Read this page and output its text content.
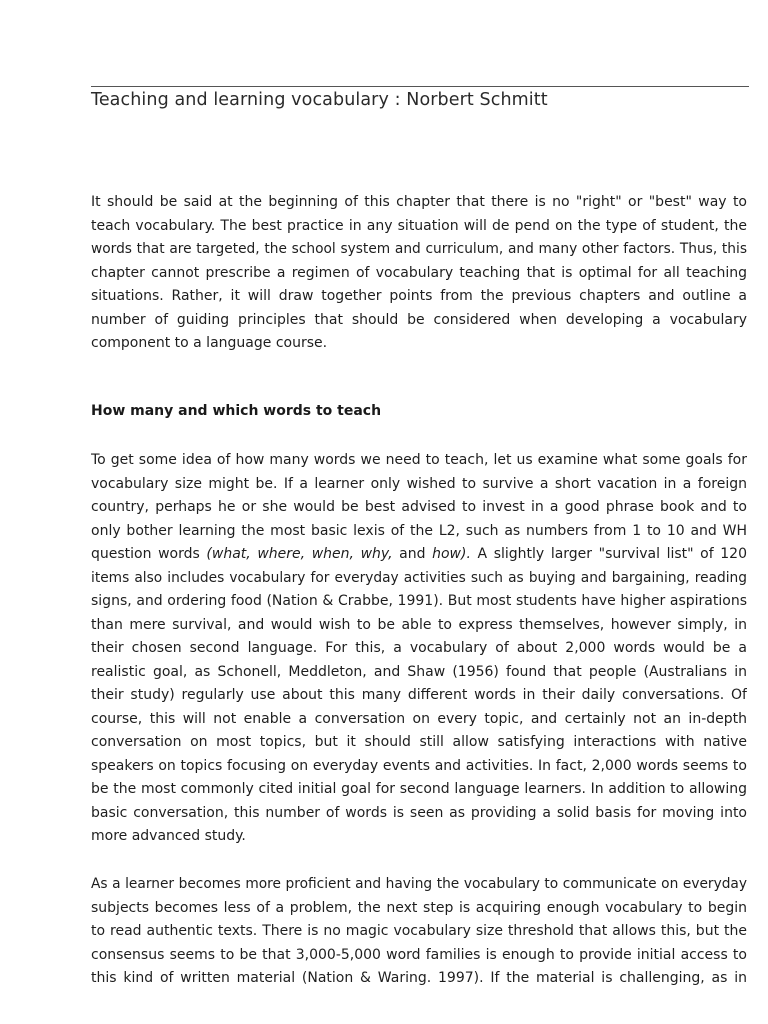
Teaching and learning vocabulary : Norbert Schmitt

It should be said at the beginning of this chapter that there is no "right" or "best" way to
teach vocabulary. The best practice in any situation will de pend on the type of student, the
words that are targeted, the school system and curriculum, and many other factors. Thus, this
chapter cannot prescribe a regimen of vocabulary teaching that is optimal for all teaching
situations. Rather, it will draw together points from the previous chapters and outline a
number of guiding principles that should be considered when developing a vocabulary
component to a language course.

How many and which words to teach

To get some idea of how many words we need to teach, let us examine what some goals for
vocabulary size might be. If a learner only wished to survive a short vacation in a foreign
country, perhaps he or she would be best advised to invest in a good phrase book and to
only bother learning the most basic lexis of the L2, such as numbers from 1 to 10 and WH
question words (what, where, when, why, and how). A slightly larger "survival list" of 120
items also includes vocabulary for everyday activities such as buying and bargaining, reading
signs, and ordering food (Nation & Crabbe, 1991). But most students have higher aspirations
than mere survival, and would wish to be able to express themselves, however simply, in
their chosen second language. For this, a vocabulary of about 2,000 words would be a
realistic goal, as Schonell, Meddleton, and Shaw (1956) found that people (Australians in
their study) regularly use about this many different words in their daily conversations. Of
course, this will not enable a conversation on every topic, and certainly not an in-depth
conversation on most topics, but it should still allow satisfying interactions with native
speakers on topics focusing on everyday events and activities. In fact, 2,000 words seems to
be the most commonly cited initial goal for second language learners. In addition to allowing
basic conversation, this number of words is seen as providing a solid basis for moving into
more advanced study.

As a learner becomes more proficient and having the vocabulary to communicate on everyday
subjects becomes less of a problem, the next step is acquiring enough vocabulary to begin
to read authentic texts. There is no magic vocabulary size threshold that allows this, but the
consensus seems to be that 3,000-5,000 word families is enough to provide initial access to
this kind of written material (Nation & Waring. 1997). If the material is challenging, as in
